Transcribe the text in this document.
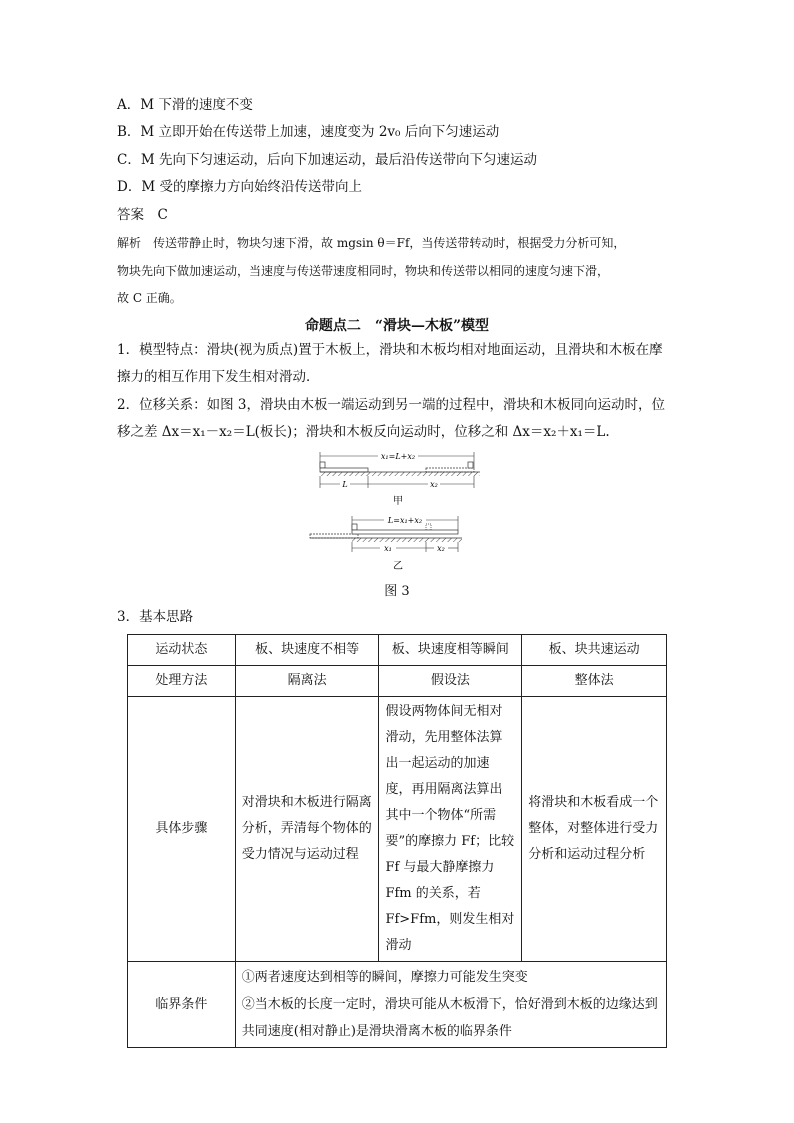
A．M 下滑的速度不变
B．M 立即开始在传送带上加速，速度变为 2v₀ 后向下匀速运动
C．M 先向下匀速运动，后向下加速运动，最后沿传送带向下匀速运动
D．M 受的摩擦力方向始终沿传送带向上
答案　C
解析　传送带静止时，物块匀速下滑，故 mgsin θ＝Ff，当传送带转动时，根据受力分析可知，
物块先向下做加速运动，当速度与传送带速度相同时，物块和传送带以相同的速度匀速下滑，
故 C 正确。
命题点二　“滑块—木板”模型
1．模型特点：滑块(视为质点)置于木板上，滑块和木板均相对地面运动，且滑块和木板在摩
擦力的相互作用下发生相对滑动．
2．位移关系：如图 3，滑块由木板一端运动到另一端的过程中，滑块和木板同向运动时，位
移之差 Δx＝x₁－x₂＝L(板长)；滑块和木板反向运动时，位移之和 Δx＝x₂＋x₁＝L.
x₁=L+x₂
L	x₂
甲
L=x₁+x₂
x₁	x₂
乙
图 3
3．基本思路
运动状态	板、块速度不相等	板、块速度相等瞬间	板、块共速运动
处理方法	隔离法	假设法	整体法
具体步骤	对滑块和木板进行隔离分析，弄清每个物体的受力情况与运动过程	假设两物体间无相对滑动，先用整体法算出一起运动的加速度，再用隔离法算出其中一个物体“所需要”的摩擦力 Ff；比较 Ff 与最大静摩擦力 Ffm 的关系，若 Ff>Ffm，则发生相对滑动	将滑块和木板看成一个整体，对整体进行受力分析和运动过程分析
临界条件	①两者速度达到相等的瞬间，摩擦力可能发生突变
②当木板的长度一定时，滑块可能从木板滑下，恰好滑到木板的边缘达到共同速度(相对静止)是滑块滑离木板的临界条件		
